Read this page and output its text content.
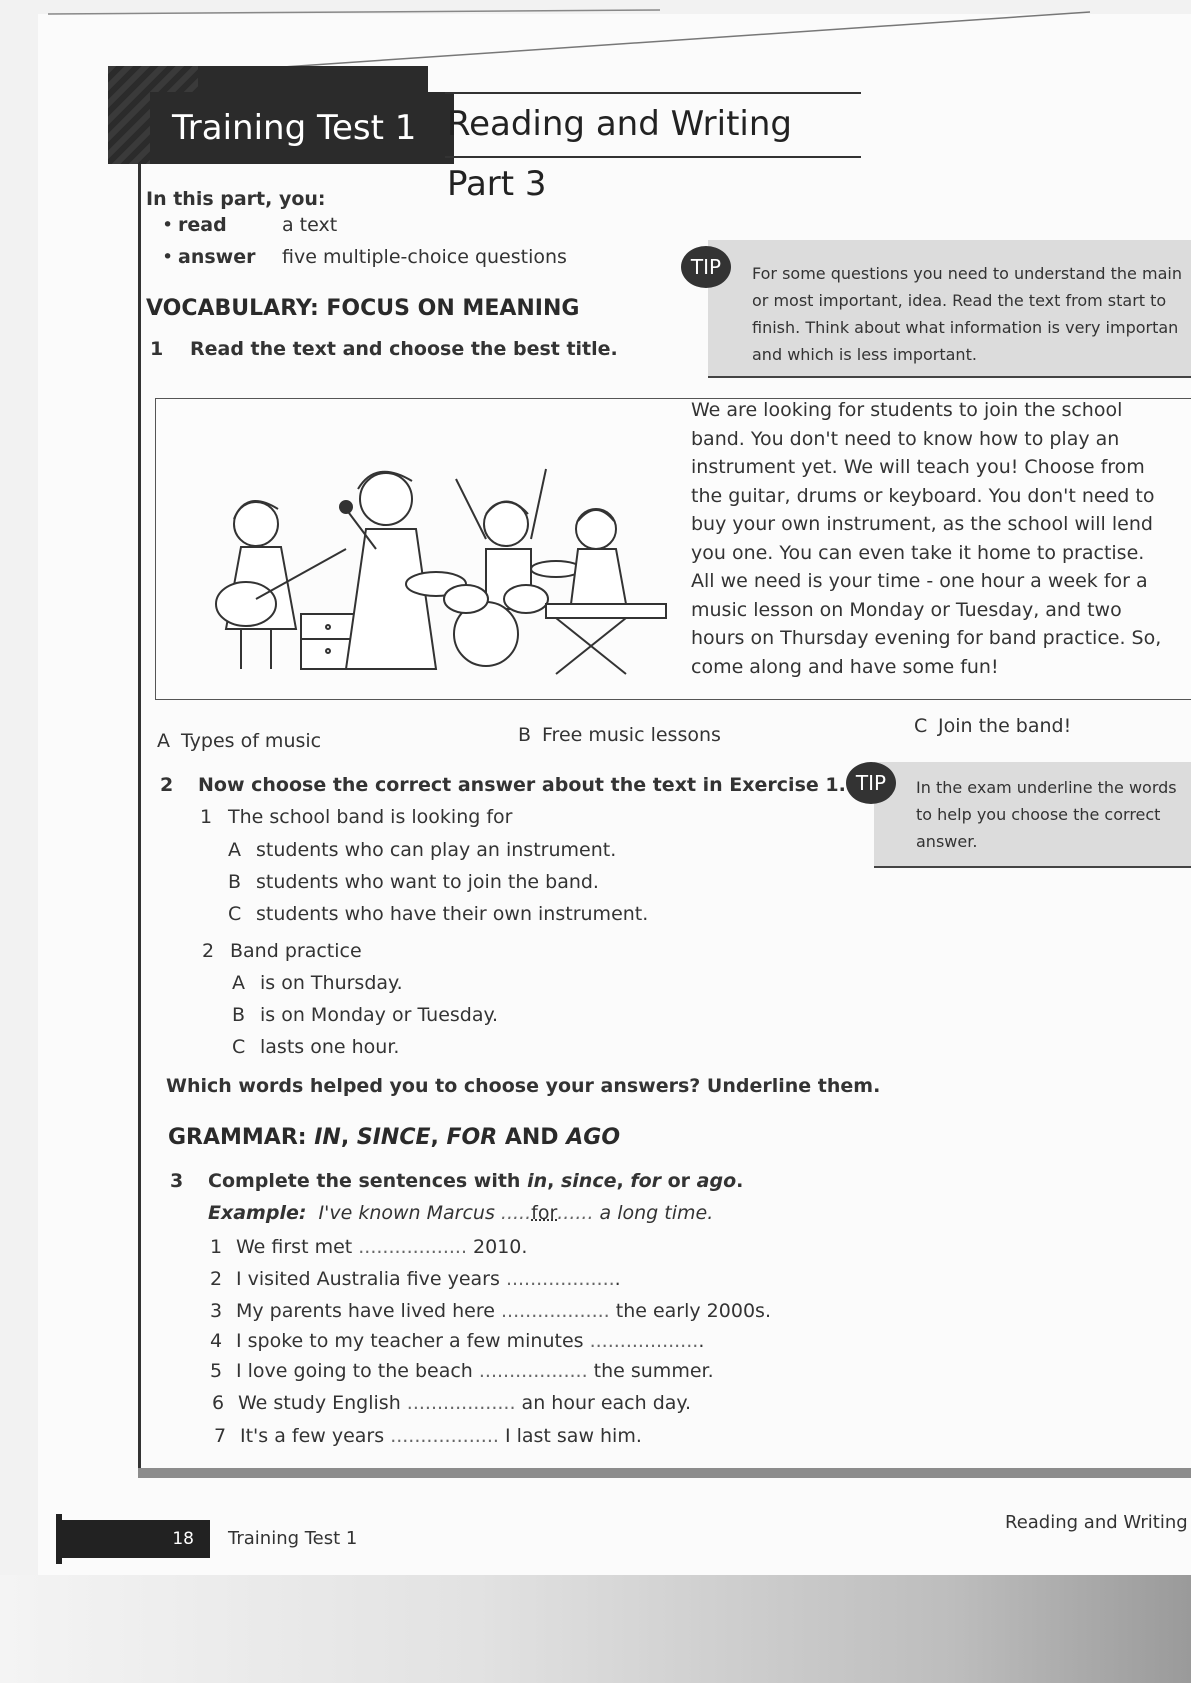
Training Test 1 Reading and Writing Part 3
In this part, you:
• read	a text
• answer five multiple-choice questions
For some questions you need to understand the main or most important, idea. Read the text from start to finish. Think about what information is very importan and which is less important.
TIP
VOCABULARY: FOCUS ON MEANING
1 Read the text and choose the best title.
We are looking for students to join the school band. You don't need to know how to play an instrument yet. We will teach you! Choose from the guitar, drums or keyboard. You don't need to buy your own instrument, as the school will lend you one. You can even take it home to practise. All we need is your time - one hour a week for a music lesson on Monday or Tuesday, and two hours on Thursday evening for band practice. So, come along and have some fun!
A Types of music	B Free music lessons	C Join the band!
2 Now choose the correct answer about the text in Exercise 1.
1 The school band is looking for
A students who can play an instrument.
B students who want to join the band.
C students who have their own instrument.
2 Band practice
A is on Thursday.
B is on Monday or Tuesday.
C lasts one hour.
Which words helped you to choose your answers? Underline them.
In the exam underline the words to help you choose the correct answer.
TIP
GRAMMAR: IN, SINCE, FOR AND AGO
3 Complete the sentences with in, since, for or ago.
Example: I've known Marcus .....for...... a long time.
1 We first met .................. 2010.
2 I visited Australia five years ...................
3 My parents have lived here .................. the early 2000s.
4 I spoke to my teacher a few minutes ...................
5 I love going to the beach .................. the summer.
6 We study English .................. an hour each day.
7 It's a few years .................. I last saw him.
18	Training Test 1
Reading and Writing
